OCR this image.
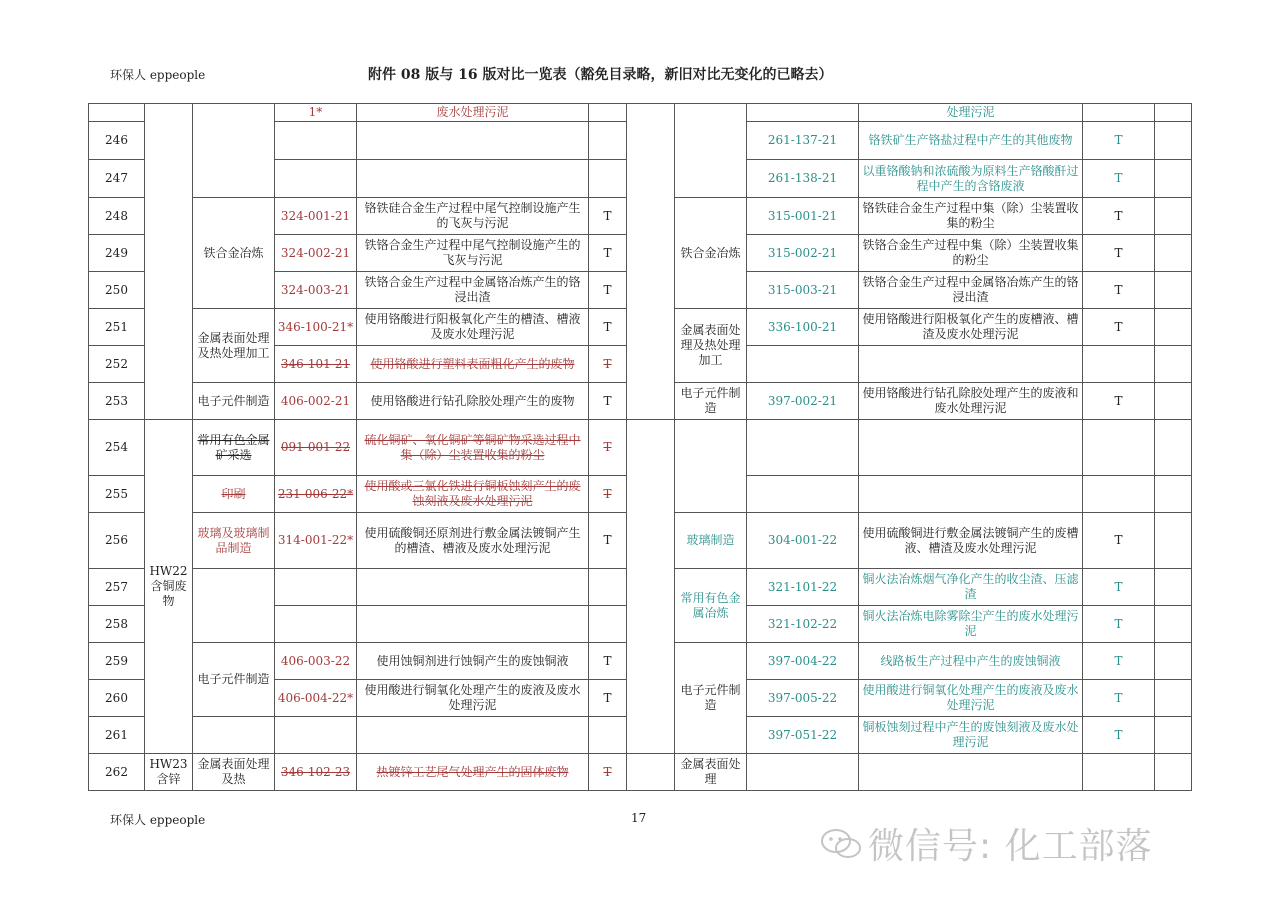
环保人 eppeople	附件 08 版与 16 版对比一览表（豁免目录略，新旧对比无变化的已略去）
			1*	废水处理污泥					处理污泥		
246								261-137-21	铬铁矿生产铬盐过程中产生的其他废物	T	
247								261-138-21	以重铬酸钠和浓硫酸为原料生产铬酸酐过程中产生的含铬废液	T	
248		铁合金冶炼	324-001-21	铬铁硅合金生产过程中尾气控制设施产生的飞灰与污泥	T		铁合金冶炼	315-001-21	铬铁硅合金生产过程中集（除）尘装置收集的粉尘	T	
249			324-002-21	铁铬合金生产过程中尾气控制设施产生的飞灰与污泥	T			315-002-21	铁铬合金生产过程中集（除）尘装置收集的粉尘	T	
250			324-003-21	铁铬合金生产过程中金属铬冶炼产生的铬浸出渣	T			315-003-21	铁铬合金生产过程中金属铬冶炼产生的铬浸出渣	T	
251		金属表面处理及热处理加工	346-100-21*	使用铬酸进行阳极氧化产生的槽渣、槽液及废水处理污泥	T		金属表面处理及热处理加工	336-100-21	使用铬酸进行阳极氧化产生的废槽液、槽渣及废水处理污泥	T	
252			346-101-21	使用铬酸进行塑料表面粗化产生的废物	T						
253		电子元件制造	406-002-21	使用铬酸进行钻孔除胶处理产生的废物	T		电子元件制造	397-002-21	使用铬酸进行钻孔除胶处理产生的废液和废水处理污泥	T	
254	HW22 含铜废物	常用有色金属矿采选	091-001-22	硫化铜矿、氧化铜矿等铜矿物采选过程中集（除）尘装置收集的粉尘	T						
255		印刷	231-006-22*	使用酸或三氯化铁进行铜板蚀刻产生的废蚀刻液及废水处理污泥	T						
256		玻璃及玻璃制品制造	314-001-22*	使用硫酸铜还原剂进行敷金属法镀铜产生的槽渣、槽液及废水处理污泥	T		玻璃制造	304-001-22	使用硫酸铜进行敷金属法镀铜产生的废槽液、槽渣及废水处理污泥	T	
257							常用有色金属冶炼	321-101-22	铜火法冶炼烟气净化产生的收尘渣、压滤渣	T	
258								321-102-22	铜火法冶炼电除雾除尘产生的废水处理污泥	T	
259		电子元件制造	406-003-22	使用蚀铜剂进行蚀铜产生的废蚀铜液	T		电子元件制造	397-004-22	线路板生产过程中产生的废蚀铜液	T	
260			406-004-22*	使用酸进行铜氧化处理产生的废液及废水处理污泥	T			397-005-22	使用酸进行铜氧化处理产生的废液及废水处理污泥	T	
261								397-051-22	铜板蚀刻过程中产生的废蚀刻液及废水处理污泥	T	
262	HW23 含锌	金属表面处理及热	346-102-23	热镀锌工艺尾气处理产生的固体废物	T		金属表面处理				
环保人 eppeople	17
微信号: 化工部落
